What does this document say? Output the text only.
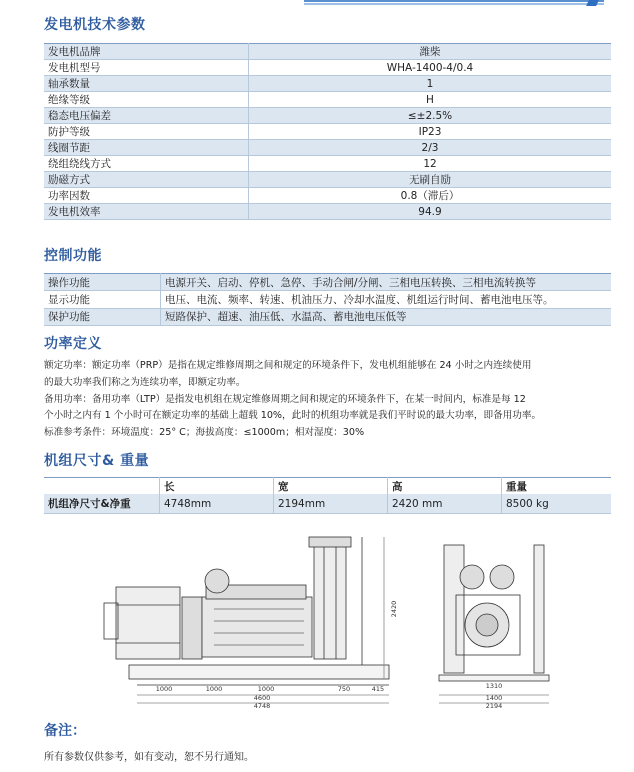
发电机技术参数
发电机品牌	潍柴
发电机型号	WHA-1400-4/0.4
轴承数量	1
绝缘等级	H
稳态电压偏差	≤±2.5%
防护等级	IP23
线圈节距	2/3
绕组绕线方式	12
励磁方式	无刷自励
功率因数	0.8（滞后）
发电机效率	94.9
控制功能
操作功能	电源开关、启动、停机、急停、手动合闸/分闸、三相电压转换、三相电流转换等
显示功能	电压、电流、频率、转速、机油压力、冷却水温度、机组运行时间、蓄电池电压等。
保护功能	短路保护、超速、油压低、水温高、蓄电池电压低等
功率定义

额定功率：额定功率（PRP）是指在规定维修周期之间和规定的环境条件下，发电机组能够在 24 小时之内连续使用

的最大功率我们称之为连续功率，即额定功率。

备用功率：备用功率（LTP）是指发电机组在规定维修周期之间和规定的环境条件下，在某一时间内，标准是每 12

个小时之内有 1 个小时可在额定功率的基础上超载 10%，此时的机组功率就是我们平时说的最大功率，即备用功率。

标准参考条件：环境温度：25° C；海拔高度：≤1000m；相对湿度：30%

机组尺寸& 重量
	长	宽	高	重量
机组净尺寸&净重	4748mm	2194mm	2420 mm	8500 kg
1000	1000	1000	750	415
4600
4748
1310
1400
2194
2420
备注：
所有参数仅供参考，如有变动，恕不另行通知。
